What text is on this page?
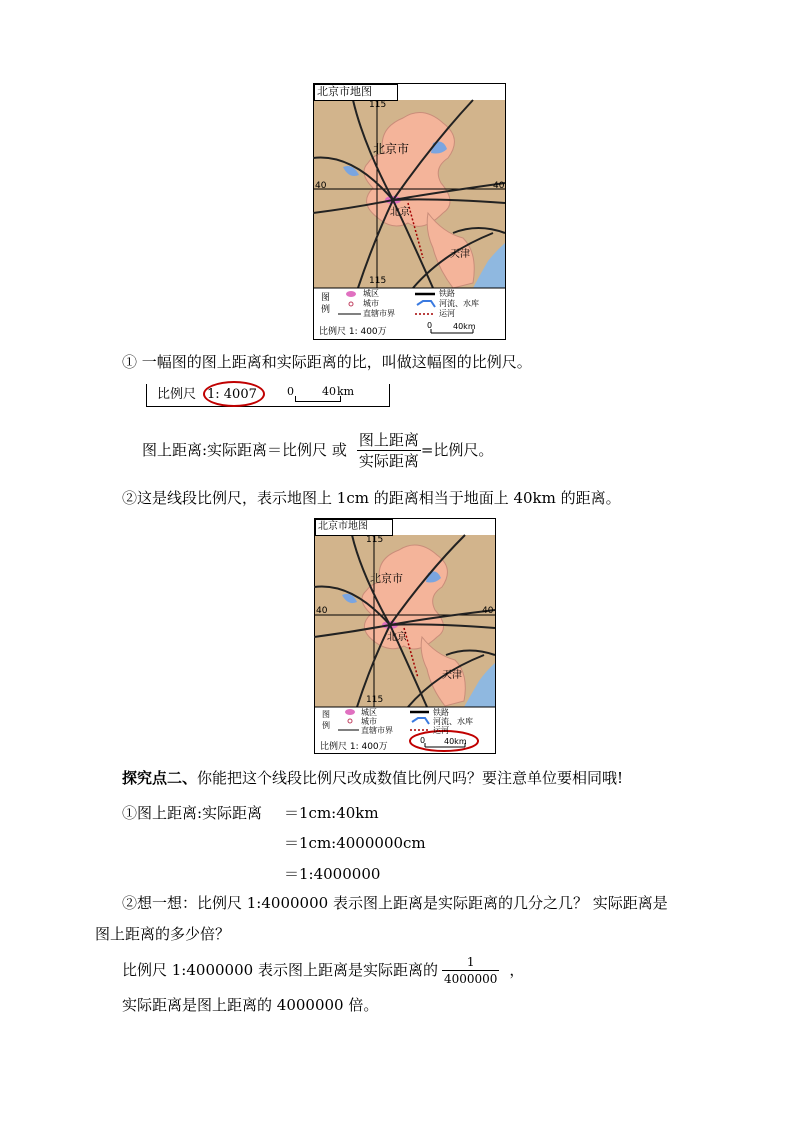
北京市地图
115
115
40	40
北京市
北京
天津
图
例
城区
城市
直辖市界
铁路
河流、水库
运河
比例尺 1: 400万
0	40km
① 一幅图的图上距离和实际距离的比，叫做这幅图的比例尺。
比例尺 1: 4007	0	40 km
图上距离:实际距离＝比例尺 或 $\frac{\text{图上距离}}{\text{实际距离}}$ =比例尺。
②这是线段比例尺，表示地图上 1cm 的距离相当于地面上 40km 的距离。
北京市地图
115
115
40	40
北京市
北京
天津
图
例
城区
城市
直辖市界
铁路
河流、水库
运河
比例尺 1: 400万
0 40km
探究点二、你能把这个线段比例尺改成数值比例尺吗？要注意单位要相同哦!
①图上距离:实际距离 ＝1cm:40km
＝1cm:4000000cm
＝1:4000000
②想一想：比例尺 1:4000000 表示图上距离是实际距离的几分之几？ 实际距离是
图上距离的多少倍？
比例尺 1:4000000 表示图上距离是实际距离的 $\frac{1}{4000000}$ ，
实际距离是图上距离的 4000000 倍。
